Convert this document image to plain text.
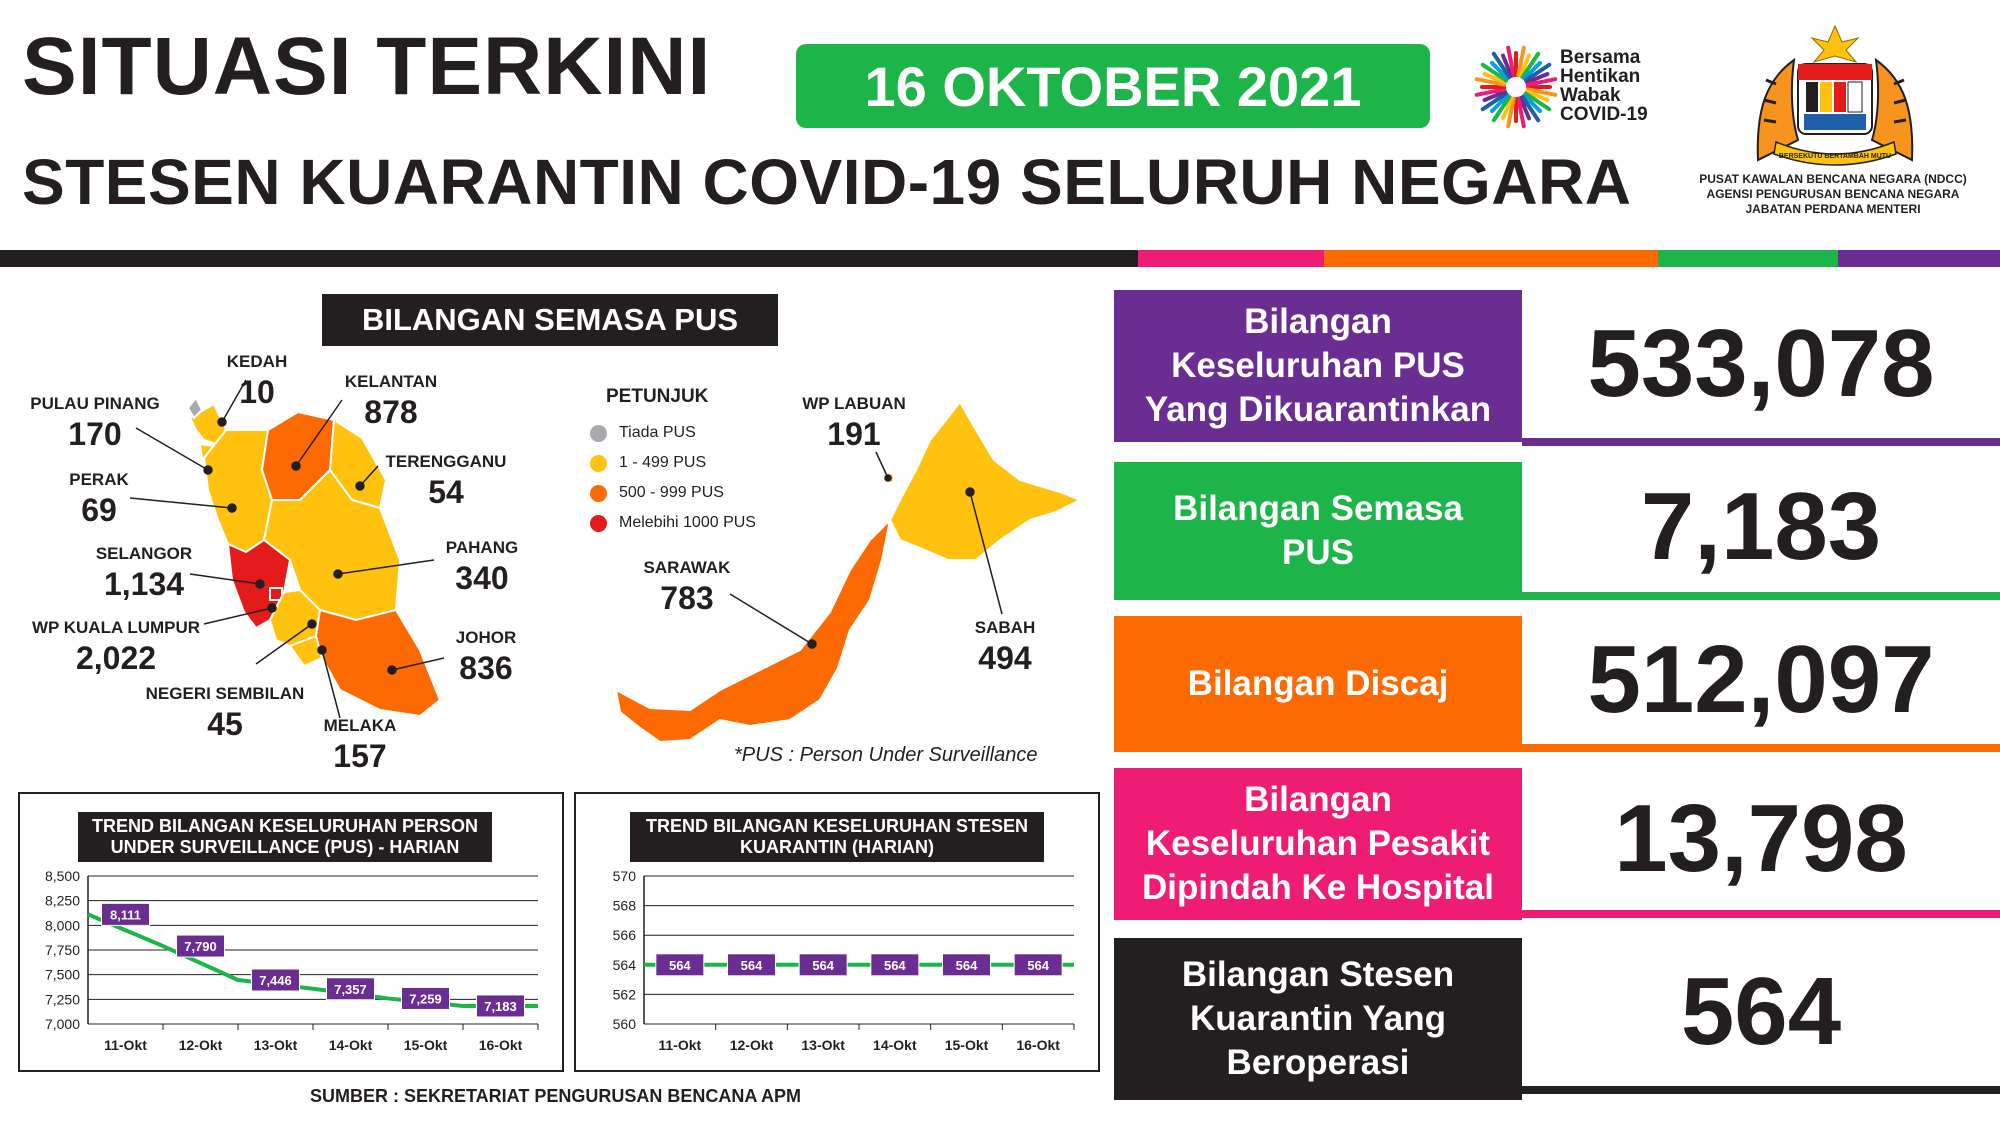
SITUASI TERKINI	16 OKTOBER 2021
STESEN KUARANTIN COVID-19 SELURUH NEGARA
Bersama
Hentikan
Wabak
COVID-19
BERSEKUTU BERTAMBAH MUTU
PUSAT KAWALAN BENCANA NEGARA (NDCC)
AGENSI PENGURUSAN BENCANA NEGARA
JABATAN PERDANA MENTERI
BILANGAN SEMASA PUS
KEDAH
10
PULAU PINANG
170
KELANTAN
878
TERENGGANU
54
PERAK
69
SELANGOR
1,134
PAHANG
340
WP KUALA LUMPUR
2,022
JOHOR
836
NEGERI SEMBILAN
45	MELAKA
157
WP LABUAN
191
SARAWAK
783
SABAH
494
PETUNJUK
Tiada PUS
1 - 499 PUS
500 - 999 PUS
Melebihi 1000 PUS
*PUS : Person Under Surveillance
TREND BILANGAN KESELURUHAN PERSON
UNDER SURVEILLANCE (PUS) - HARIAN
8,500
8,250
8,000
7,750
7,500
7,250
7,000
11-Okt 12-Okt 13-Okt 14-Okt 15-Okt 16-Okt
8,111
7,790
7,446
7,357
7,259	7,183
TREND BILANGAN KESELURUHAN STESEN
KUARANTIN (HARIAN)
570
568
566
564
562
560
11-Okt 12-Okt 13-Okt 14-Okt 15-Okt 16-Okt
564	564	564	564	564	564
SUMBER : SEKRETARIAT PENGURUSAN BENCANA APM
Bilangan
Keseluruhan PUS
Yang Dikuarantinkan	533,078
Bilangan Semasa
PUS	7,183
Bilangan Discaj	512,097
Bilangan
Keseluruhan Pesakit
Dipindah Ke Hospital	13,798
Bilangan Stesen
Kuarantin Yang
Beroperasi	564
